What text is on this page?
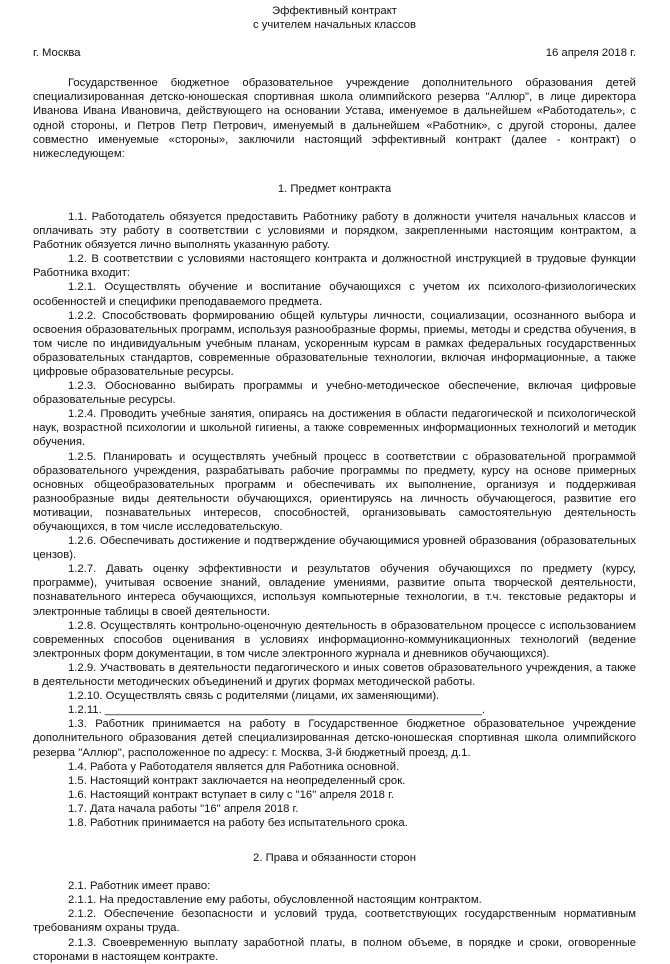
Эффективный контракт
с учителем начальных классов
г. Москва	16 апреля 2018 г.

Государственное бюджетное образовательное учреждение дополнительного образования детей специализированная детско-юношеская спортивная школа олимпийского резерва "Аллюр", в лице директора Иванова Ивана Ивановича, действующего на основании Устава, именуемое в дальнейшем «Работодатель», с одной стороны, и Петров Петр Петрович, именуемый в дальнейшем «Работник», с другой стороны, далее совместно именуемые «стороны», заключили настоящий эффективный контракт (далее - контракт) о нижеследующем:

1. Предмет контракта

1.1. Работодатель обязуется предоставить Работнику работу в должности учителя начальных классов и оплачивать эту работу в соответствии с условиями и порядком, закрепленными настоящим контрактом, а Работник обязуется лично выполнять указанную работу.

1.2. В соответствии с условиями настоящего контракта и должностной инструкцией в трудовые функции Работника входит:

1.2.1. Осуществлять обучение и воспитание обучающихся с учетом их психолого-физиологических особенностей и специфики преподаваемого предмета.

1.2.2. Способствовать формированию общей культуры личности, социализации, осознанного выбора и освоения образовательных программ, используя разнообразные формы, приемы, методы и средства обучения, в том числе по индивидуальным учебным планам, ускоренным курсам в рамках федеральных государственных образовательных стандартов, современные образовательные технологии, включая информационные, а также цифровые образовательные ресурсы.

1.2.3. Обоснованно выбирать программы и учебно-методическое обеспечение, включая цифровые образовательные ресурсы.

1.2.4. Проводить учебные занятия, опираясь на достижения в области педагогической и психологической наук, возрастной психологии и школьной гигиены, а также современных информационных технологий и методик обучения.

1.2.5. Планировать и осуществлять учебный процесс в соответствии с образовательной программой образовательного учреждения, разрабатывать рабочие программы по предмету, курсу на основе примерных основных общеобразовательных программ и обеспечивать их выполнение, организуя и поддерживая разнообразные виды деятельности обучающихся, ориентируясь на личность обучающегося, развитие его мотивации, познавательных интересов, способностей, организовывать самостоятельную деятельность обучающихся, в том числе исследовательскую.

1.2.6. Обеспечивать достижение и подтверждение обучающимися уровней образования (образовательных цензов).

1.2.7. Давать оценку эффективности и результатов обучения обучающихся по предмету (курсу, программе), учитывая освоение знаний, овладение умениями, развитие опыта творческой деятельности, познавательного интереса обучающихся, используя компьютерные технологии, в т.ч. текстовые редакторы и электронные таблицы в своей деятельности.

1.2.8. Осуществлять контрольно-оценочную деятельность в образовательном процессе с использованием современных способов оценивания в условиях информационно-коммуникационных технологий (ведение электронных форм документации, в том числе электронного журнала и дневников обучающихся).

1.2.9. Участвовать в деятельности педагогического и иных советов образовательного учреждения, а также в деятельности методических объединений и других формах методической работы.

1.2.10. Осуществлять связь с родителями (лицами, их заменяющими).

1.2.11. ____________________________________________________________.

1.3. Работник принимается на работу в Государственное бюджетное образовательное учреждение дополнительного образования детей специализированная детско-юношеская спортивная школа олимпийского резерва "Аллюр", расположенное по адресу: г. Москва, 3-й бюджетный проезд, д.1.

1.4. Работа у Работодателя является для Работника основной.

1.5. Настоящий контракт заключается на неопределенный срок.

1.6. Настоящий контракт вступает в силу с "16" апреля 2018 г.

1.7. Дата начала работы "16" апреля 2018 г.

1.8. Работник принимается на работу без испытательного срока.

2. Права и обязанности сторон

2.1. Работник имеет право:

2.1.1. На предоставление ему работы, обусловленной настоящим контрактом.

2.1.2. Обеспечение безопасности и условий труда, соответствующих государственным нормативным требованиям охраны труда.

2.1.3. Своевременную выплату заработной платы, в полном объеме, в порядке и сроки, оговоренные сторонами в настоящем контракте.
